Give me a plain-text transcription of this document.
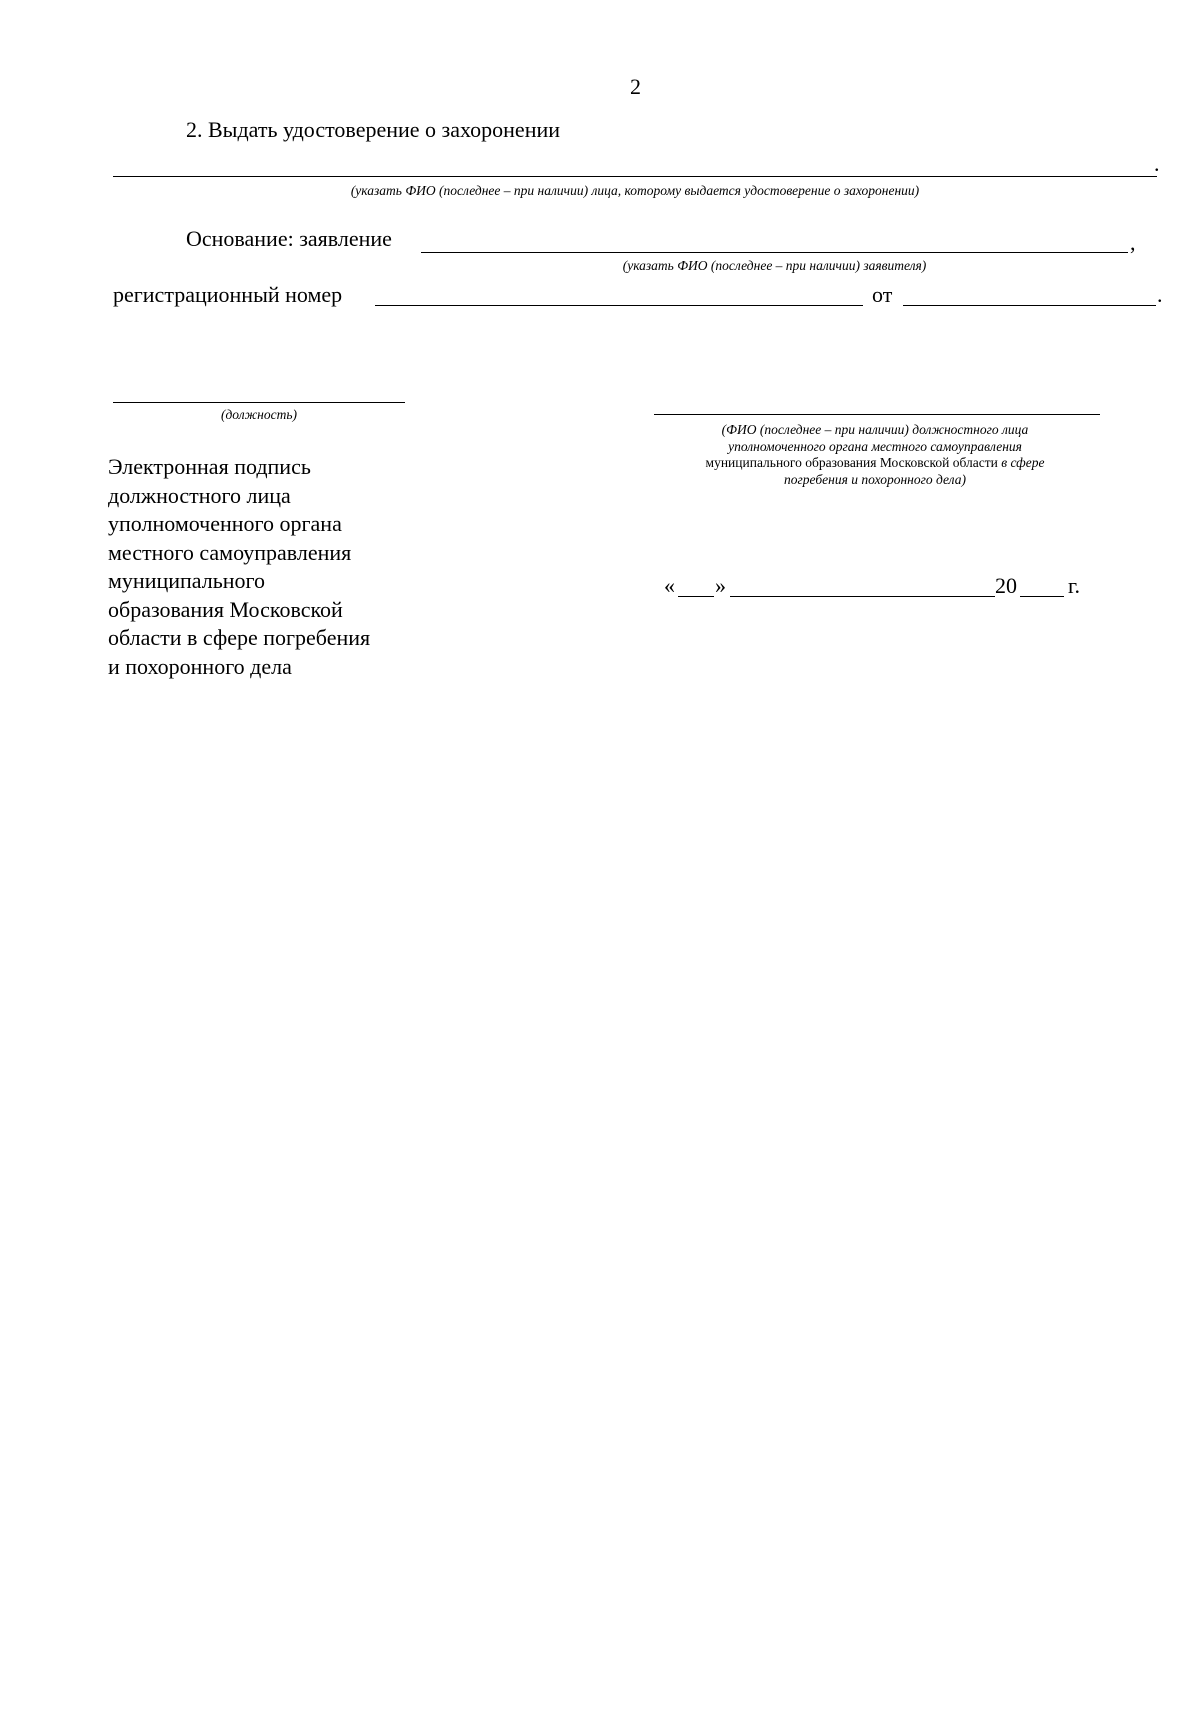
2
2. Выдать удостоверение о захоронении
.
(указать ФИО (последнее – при наличии) лица, которому выдается удостоверение о захоронении)
Основание: заявление	,
(указать ФИО (последнее – при наличии) заявителя)
регистрационный номер	от	.
(должность)
(ФИО (последнее – при наличии) должностного лица
уполномоченного органа местного самоуправления
муниципального образования Московской области в сфере
погребения и похоронного дела)
Электронная подпись
должностного лица
уполномоченного органа
местного самоуправления
муниципального
образования Московской
области в сфере погребения
и похоронного дела
« »	20 г.
